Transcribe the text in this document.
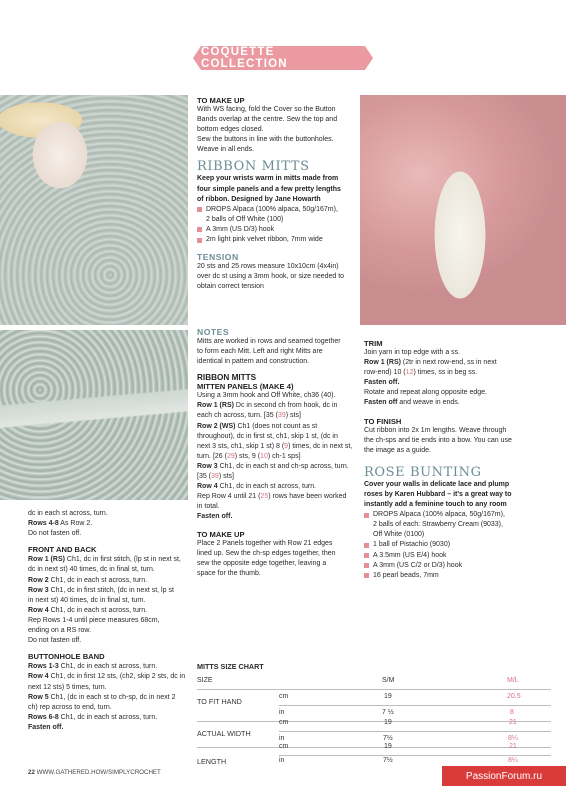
COQUETTE COLLECTION
TO MAKE UP

With WS facing, fold the Cover so the Button

Bands overlap at the centre. Sew the top and

bottom edges closed.

Sew the buttons in line with the buttonholes.

Weave in all ends.

RIBBON MITTS

Keep your wrists warm in mitts made from

four simple panels and a few pretty lengths

of ribbon. Designed by Jane Howarth

DROPS Alpaca (100% alpaca, 50g/167m),

2 balls of Off White (100)

A 3mm (US D/3) hook

2m light pink velvet ribbon, 7mm wide

TENSION

20 sts and 25 rows measure 10x10cm (4x4in)

over dc st using a 3mm hook, or size needed to

obtain correct tension

NOTES

Mitts are worked in rows and seamed together

to form each Mitt. Left and right Mitts are

identical in pattern and construction.

RIBBON MITTS
MITTEN PANELS (MAKE 4)

Using a 3mm hook and Off White, ch36 (40).

Row 1 (RS) Dc in second ch from hook, dc in

each ch across, turn. [35 (39) sts]

Row 2 (WS) Ch1 (does not count as st

throughout), dc in first st, ch1, skip 1 st, (dc in

next 3 sts, ch1, skip 1 st) 8 (9) times, dc in next st,

turn. [26 (29) sts, 9 (10) ch-1 sps]

Row 3 Ch1, dc in each st and ch-sp across, turn.

[35 (39) sts]

Row 4 Ch1, dc in each st across, turn.

Rep Row 4 until 21 (25) rows have been worked

in total.

Fasten off.

TO MAKE UP

Place 2 Panels together with Row 21 edges

lined up. Sew the ch-sp edges together, then

sew the opposite edge together, leaving a

space for the thumb.

TRIM

Join yarn in top edge with a ss.

Row 1 (RS) (2tr in next row-end, ss in next

row-end) 10 (12) times, ss in beg ss.

Fasten off.

Rotate and repeat along opposite edge.

Fasten off and weave in ends.

TO FINISH

Cut ribbon into 2x 1m lengths. Weave through

the ch-sps and tie ends into a bow. You can use

the image as a guide.

ROSE BUNTING

Cover your walls in delicate lace and plump

roses by Karen Hubbard – it's a great way to

instantly add a feminine touch to any room

DROPS Alpaca (100% alpaca, 50g/167m),

2 balls of each: Strawberry Cream (9033),

Off White (0100)

1 ball of Pistachio (9030)

A 3.5mm (US E/4) hook

A 3mm (US C/2 or D/3) hook

16 pearl beads, 7mm

dc in each st across, turn.

Rows 4-8 As Row 2.

Do not fasten off.

FRONT AND BACK

Row 1 (RS) Ch1, dc in first stitch, (lp st in next st,

dc in next st) 40 times, dc in final st, turn.

Row 2 Ch1, dc in each st across, turn.

Row 3 Ch1, dc in first stitch, (dc in next st, lp st

in next st) 40 times, dc in final st, turn.

Row 4 Ch1, dc in each st across, turn.

Rep Rows 1-4 until piece measures 68cm,

ending on a RS row.

Do not fasten off.

BUTTONHOLE BAND

Rows 1-3 Ch1, dc in each st across, turn.

Row 4 Ch1, dc in first 12 sts, (ch2, skip 2 sts, dc in

next 12 sts) 5 times, turn.

Row 5 Ch1, (dc in each st to ch-sp, dc in next 2

ch) rep across to end, turn.

Rows 6-8 Ch1, dc in each st across, turn.

Fasten off.

MITTS SIZE CHART
SIZE	S/M	M/L
TO FIT HAND
cm	19	20.5
in	7 ½	8
ACTUAL WIDTH
cm	19	21
in	7½	8¼
LENGTH
cm	19	21
in	7½	8¼
22 WWW.GATHERED.HOW/SIMPLYCROCHET	PassionForum.ru
